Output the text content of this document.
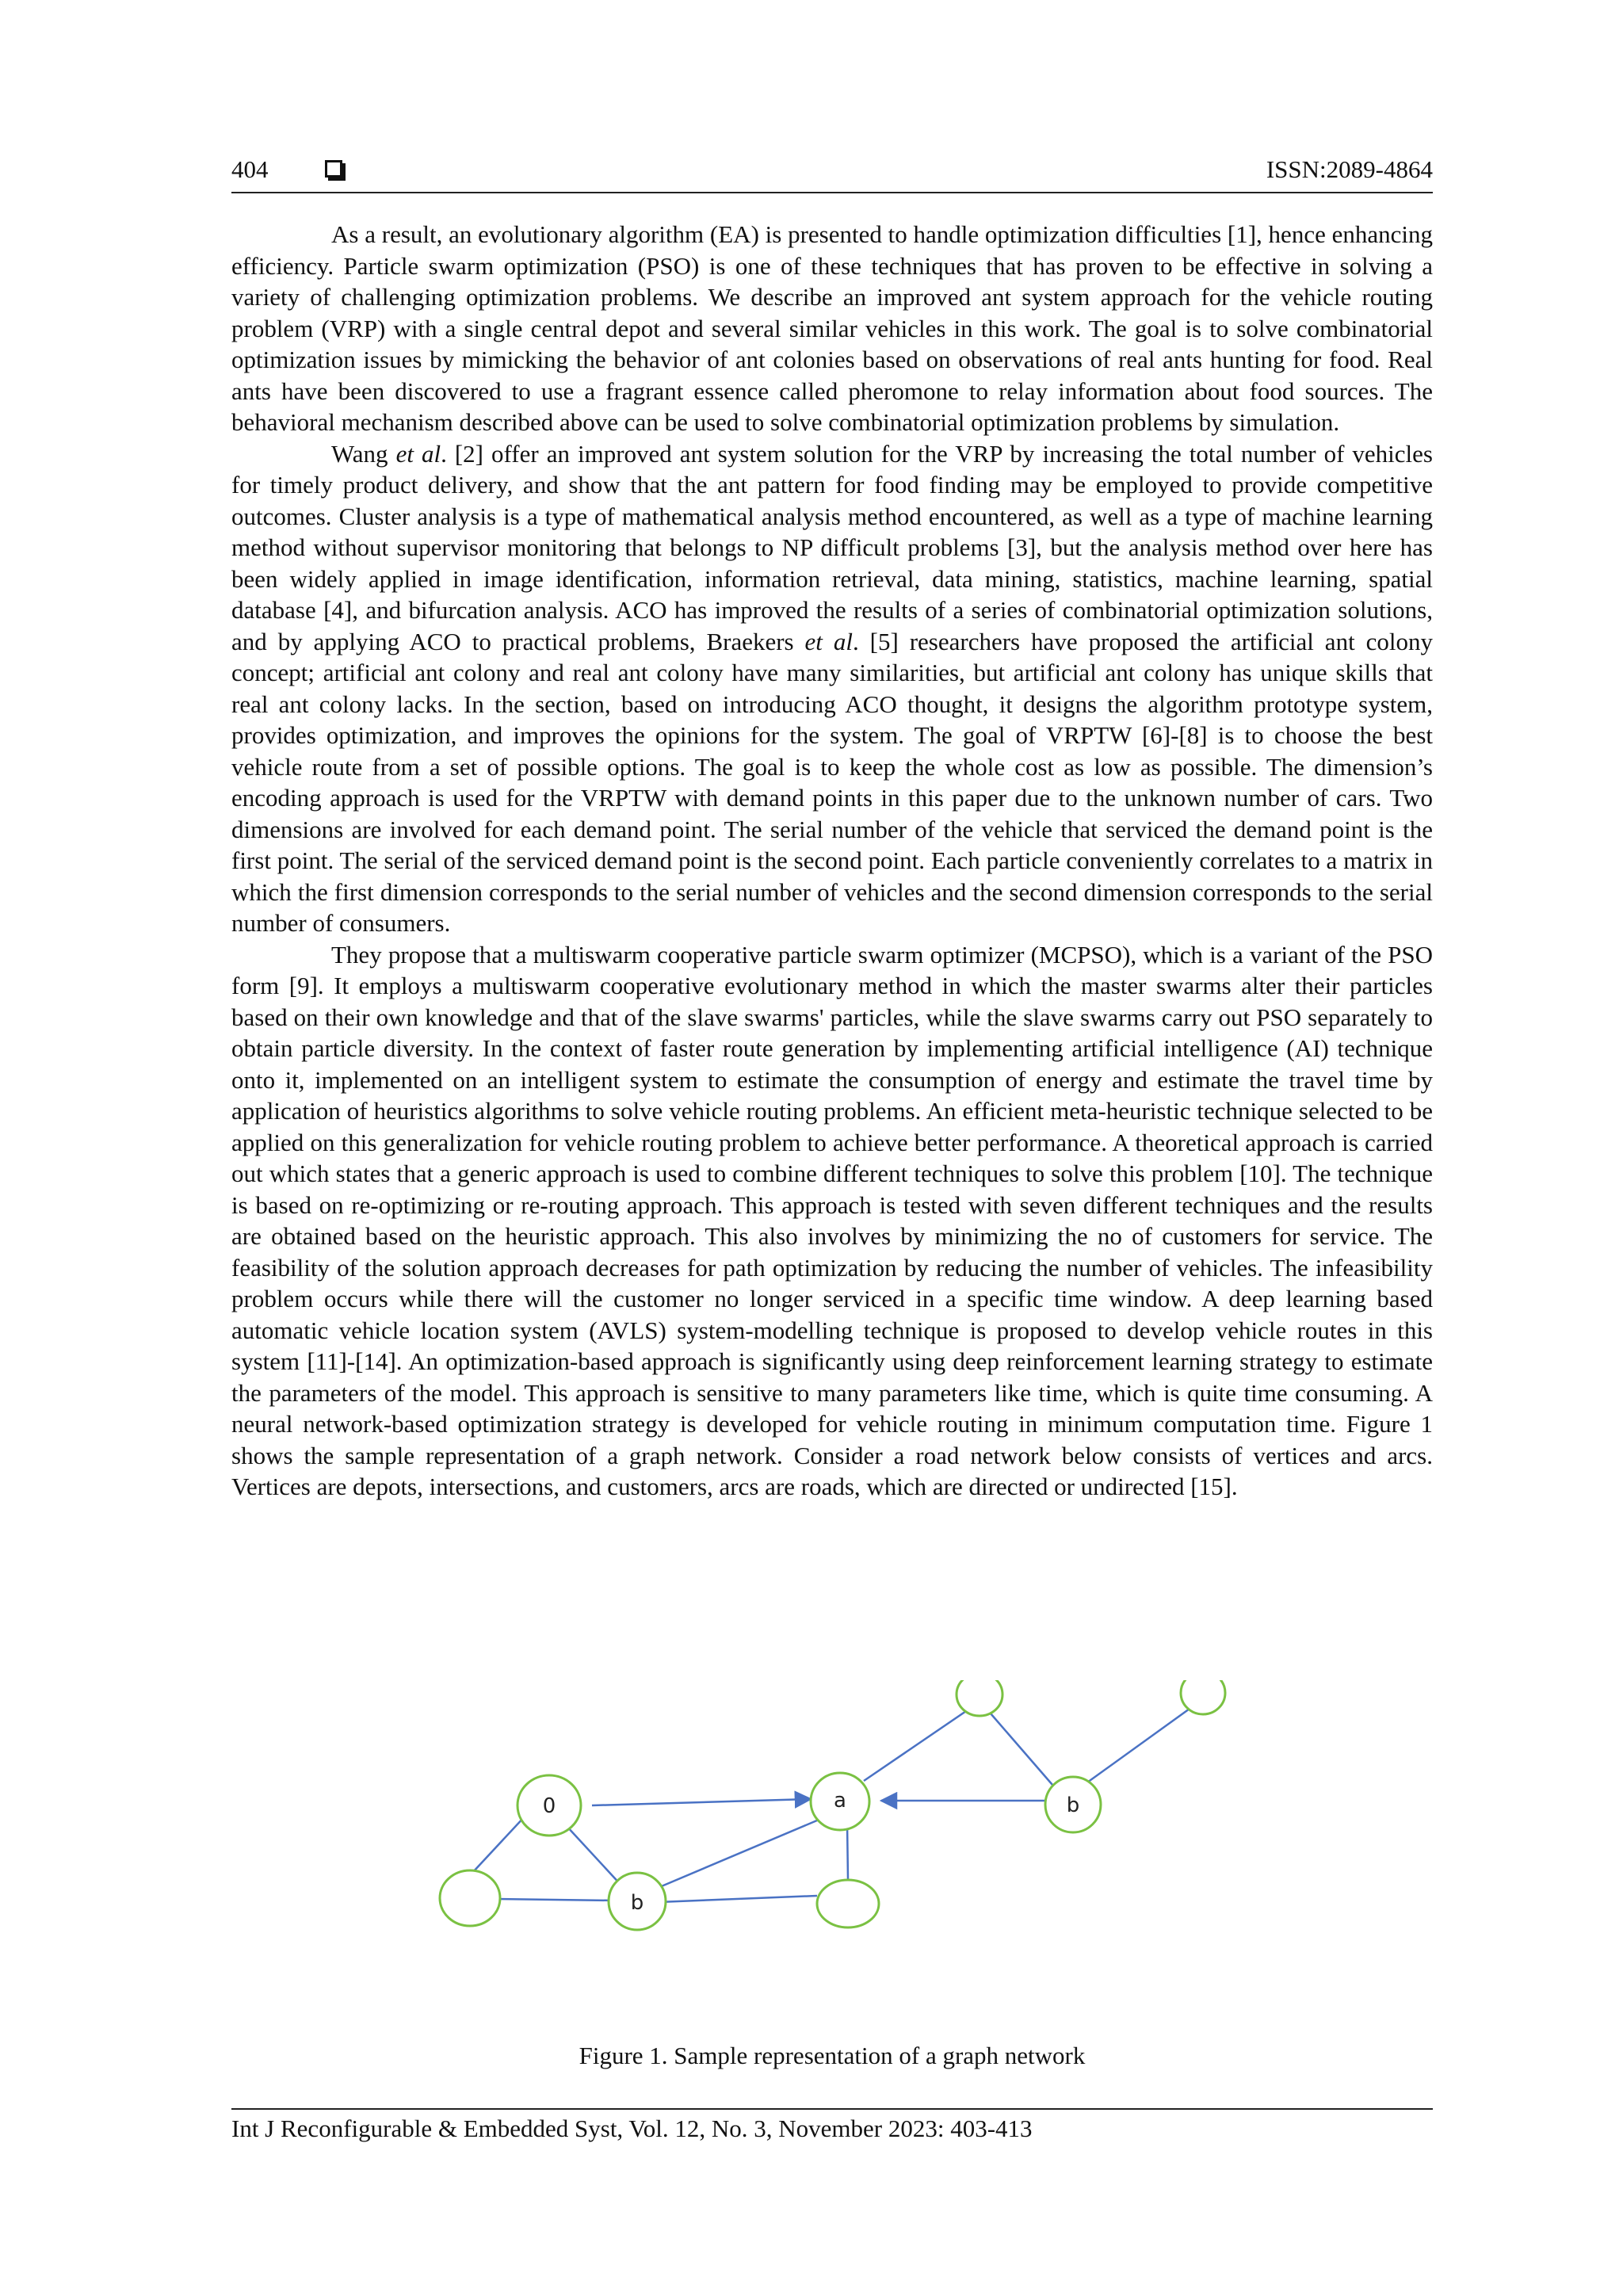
404	ISSN:2089-4864

As a result, an evolutionary algorithm (EA) is presented to handle optimization difficulties [1], hence enhancing efficiency. Particle swarm optimization (PSO) is one of these techniques that has proven to be effective in solving a variety of challenging optimization problems. We describe an improved ant system approach for the vehicle routing problem (VRP) with a single central depot and several similar vehicles in this work. The goal is to solve combinatorial optimization issues by mimicking the behavior of ant colonies based on observations of real ants hunting for food. Real ants have been discovered to use a fragrant essence called pheromone to relay information about food sources. The behavioral mechanism described above can be used to solve combinatorial optimization problems by simulation.

Wang et al. [2] offer an improved ant system solution for the VRP by increasing the total number of vehicles for timely product delivery, and show that the ant pattern for food finding may be employed to provide competitive outcomes. Cluster analysis is a type of mathematical analysis method encountered, as well as a type of machine learning method without supervisor monitoring that belongs to NP difficult problems [3], but the analysis method over here has been widely applied in image identification, information retrieval, data mining, statistics, machine learning, spatial database [4], and bifurcation analysis. ACO has improved the results of a series of combinatorial optimization solutions, and by applying ACO to practical problems, Braekers et al. [5] researchers have proposed the artificial ant colony concept; artificial ant colony and real ant colony have many similarities, but artificial ant colony has unique skills that real ant colony lacks. In the section, based on introducing ACO thought, it designs the algorithm prototype system, provides optimization, and improves the opinions for the system. The goal of VRPTW [6]-[8] is to choose the best vehicle route from a set of possible options. The goal is to keep the whole cost as low as possible. The dimension’s encoding approach is used for the VRPTW with demand points in this paper due to the unknown number of cars. Two dimensions are involved for each demand point. The serial number of the vehicle that serviced the demand point is the first point. The serial of the serviced demand point is the second point. Each particle conveniently correlates to a matrix in which the first dimension corresponds to the serial number of vehicles and the second dimension corresponds to the serial number of consumers.

They propose that a multiswarm cooperative particle swarm optimizer (MCPSO), which is a variant of the PSO form [9]. It employs a multiswarm cooperative evolutionary method in which the master swarms alter their particles based on their own knowledge and that of the slave swarms' particles, while the slave swarms carry out PSO separately to obtain particle diversity. In the context of faster route generation by implementing artificial intelligence (AI) technique onto it, implemented on an intelligent system to estimate the consumption of energy and estimate the travel time by application of heuristics algorithms to solve vehicle routing problems. An efficient meta-heuristic technique selected to be applied on this generalization for vehicle routing problem to achieve better performance. A theoretical approach is carried out which states that a generic approach is used to combine different techniques to solve this problem [10]. The technique is based on re-optimizing or re-routing approach. This approach is tested with seven different techniques and the results are obtained based on the heuristic approach. This also involves by minimizing the no of customers for service. The feasibility of the solution approach decreases for path optimization by reducing the number of vehicles. The infeasibility problem occurs while there will the customer no longer serviced in a specific time window. A deep learning based automatic vehicle location system (AVLS) system-modelling technique is proposed to develop vehicle routes in this system [11]-[14]. An optimization-based approach is significantly using deep reinforcement learning strategy to estimate the parameters of the model. This approach is sensitive to many parameters like time, which is quite time consuming. A neural network-based optimization strategy is developed for vehicle routing in minimum computation time. Figure 1 shows the sample representation of a graph network. Consider a road network below consists of vertices and arcs. Vertices are depots, intersections, and customers, arcs are roads, which are directed or undirected [15].

0	a	b
b
Figure 1. Sample representation of a graph network
Int J Reconfigurable & Embedded Syst, Vol. 12, No. 3, November 2023: 403-413
